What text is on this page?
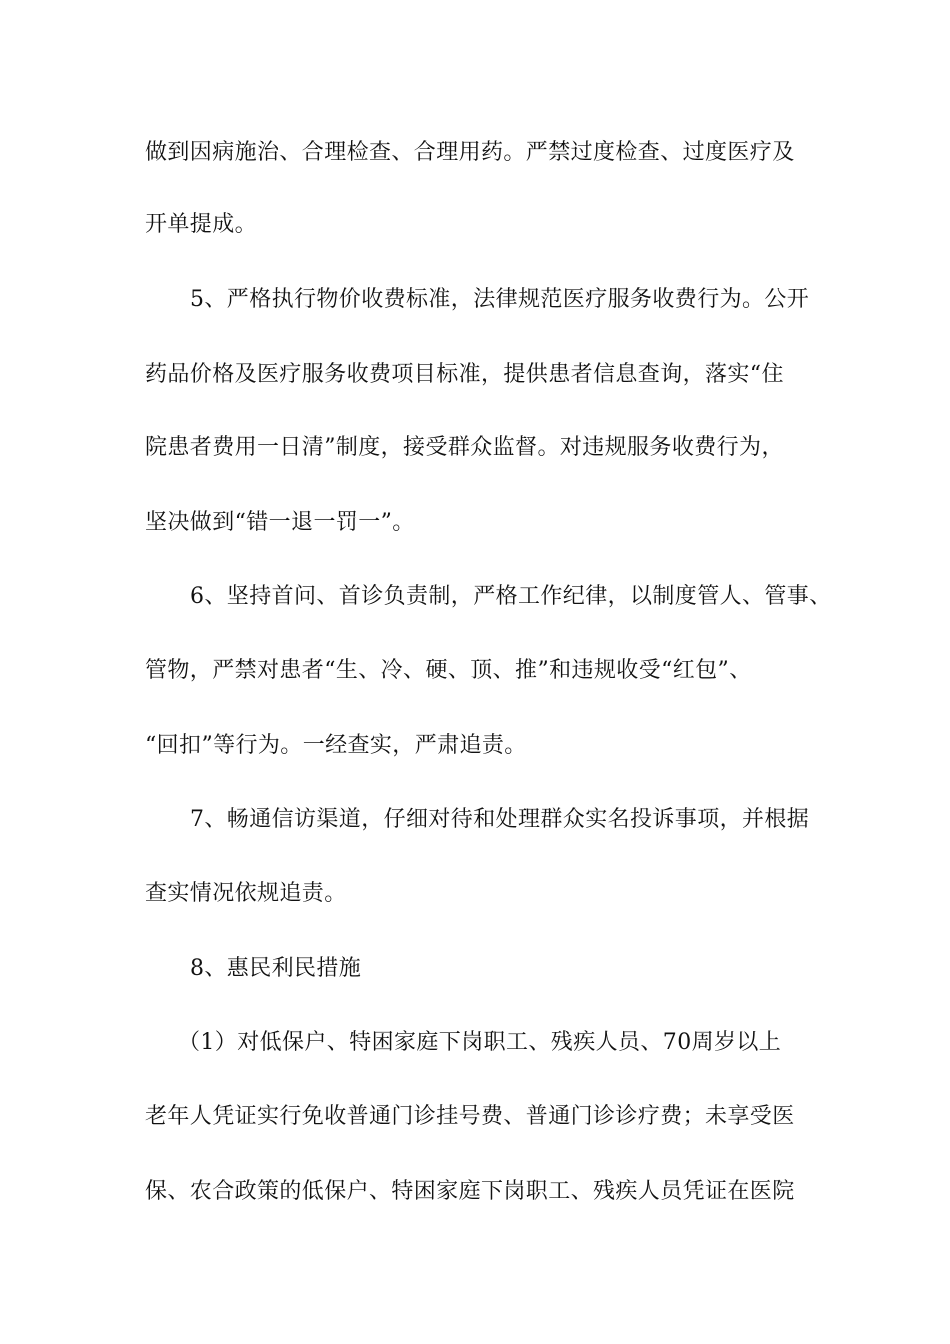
做到因病施治、合理检查、合理用药。严禁过度检查、过度医疗及
开单提成。
5、严格执行物价收费标准，法律规范医疗服务收费行为。公开
药品价格及医疗服务收费项目标准，提供患者信息查询，落实“住
院患者费用一日清”制度，接受群众监督。对违规服务收费行为，
坚决做到“错一退一罚一”。
6、坚持首问、首诊负责制，严格工作纪律，以制度管人、管事、
管物，严禁对患者“生、冷、硬、顶、推”和违规收受“红包”、
“回扣”等行为。一经查实，严肃追责。
7、畅通信访渠道，仔细对待和处理群众实名投诉事项，并根据
查实情况依规追责。
8、惠民利民措施
（1）对低保户、特困家庭下岗职工、残疾人员、70周岁以上
老年人凭证实行免收普通门诊挂号费、普通门诊诊疗费；未享受医
保、农合政策的低保户、特困家庭下岗职工、残疾人员凭证在医院
